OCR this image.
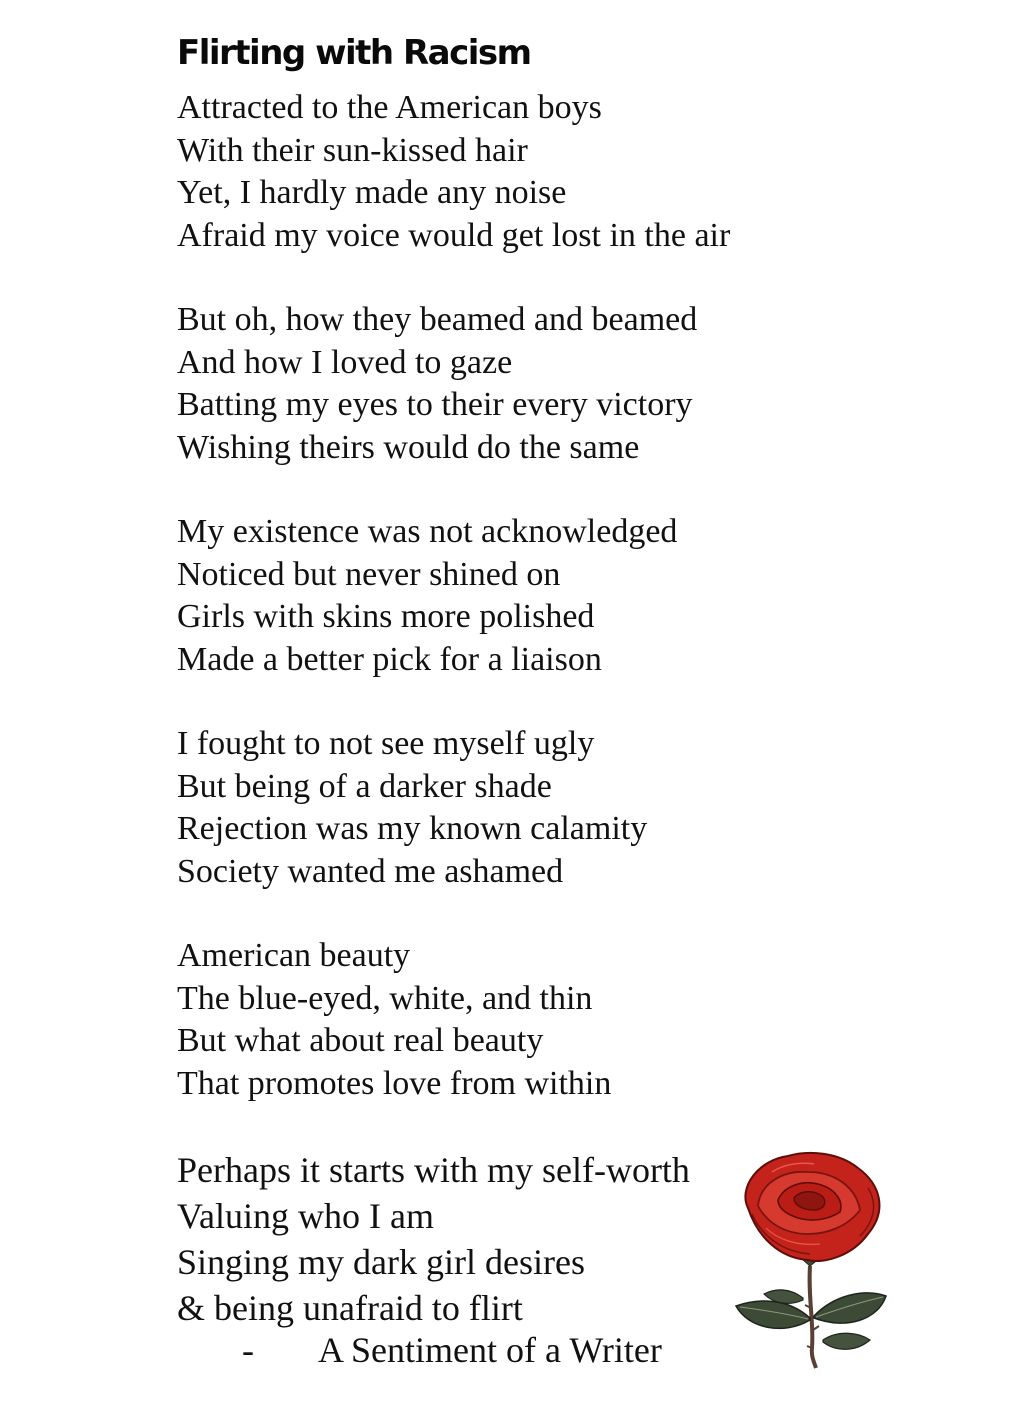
Flirting with Racism
Attracted to the American boys
With their sun-kissed hair
Yet, I hardly made any noise
Afraid my voice would get lost in the air
But oh, how they beamed and beamed
And how I loved to gaze
Batting my eyes to their every victory
Wishing theirs would do the same
My existence was not acknowledged
Noticed but never shined on
Girls with skins more polished
Made a better pick for a liaison
I fought to not see myself ugly
But being of a darker shade
Rejection was my known calamity
Society wanted me ashamed
American beauty
The blue-eyed, white, and thin
But what about real beauty
That promotes love from within
Perhaps it starts with my self-worth
Valuing who I am
Singing my dark girl desires
& being unafraid to flirt
- A Sentiment of a Writer
